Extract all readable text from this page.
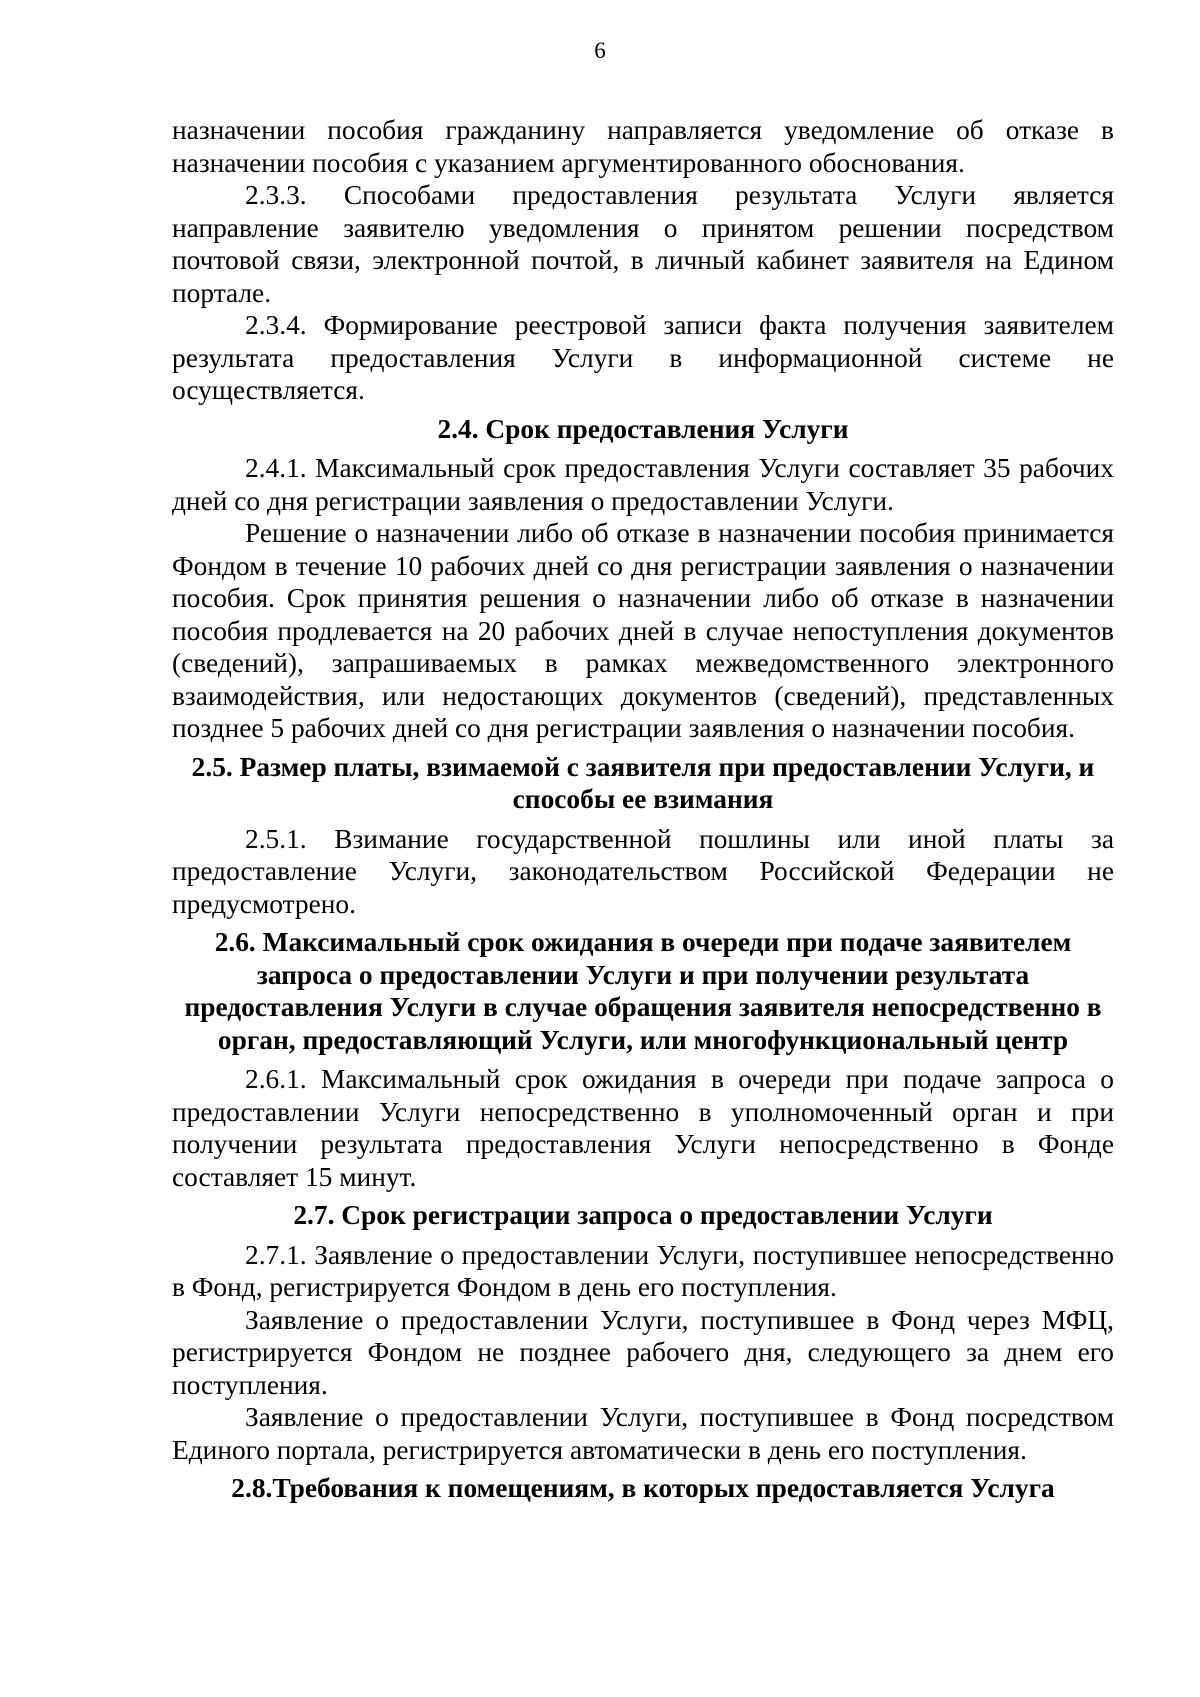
6

назначении пособия гражданину направляется уведомление об отказе в назначении пособия с указанием аргументированного обоснования.

2.3.3. Способами предоставления результата Услуги является направление заявителю уведомления о принятом решении посредством почтовой связи, электронной почтой, в личный кабинет заявителя на Едином портале.

2.3.4. Формирование реестровой записи факта получения заявителем результата предоставления Услуги в информационной системе не осуществляется.

2.4. Срок предоставления Услуги

2.4.1. Максимальный срок предоставления Услуги составляет 35 рабочих дней со дня регистрации заявления о предоставлении Услуги.

Решение о назначении либо об отказе в назначении пособия принимается Фондом в течение 10 рабочих дней со дня регистрации заявления о назначении пособия. Срок принятия решения о назначении либо об отказе в назначении пособия продлевается на 20 рабочих дней в случае непоступления документов (сведений), запрашиваемых в рамках межведомственного электронного взаимодействия, или недостающих документов (сведений), представленных позднее 5 рабочих дней со дня регистрации заявления о назначении пособия.

2.5. Размер платы, взимаемой с заявителя при предоставлении Услуги, и способы ее взимания

2.5.1. Взимание государственной пошлины или иной платы за предоставление Услуги, законодательством Российской Федерации не предусмотрено.

2.6. Максимальный срок ожидания в очереди при подаче заявителем запроса о предоставлении Услуги и при получении результата предоставления Услуги в случае обращения заявителя непосредственно в орган, предоставляющий Услуги, или многофункциональный центр

2.6.1. Максимальный срок ожидания в очереди при подаче запроса о предоставлении Услуги непосредственно в уполномоченный орган и при получении результата предоставления Услуги непосредственно в Фонде составляет 15 минут.

2.7. Срок регистрации запроса о предоставлении Услуги

2.7.1. Заявление о предоставлении Услуги, поступившее непосредственно в Фонд, регистрируется Фондом в день его поступления.

Заявление о предоставлении Услуги, поступившее в Фонд через МФЦ, регистрируется Фондом не позднее рабочего дня, следующего за днем его поступления.

Заявление о предоставлении Услуги, поступившее в Фонд посредством Единого портала, регистрируется автоматически в день его поступления.

2.8.Требования к помещениям, в которых предоставляется Услуга
